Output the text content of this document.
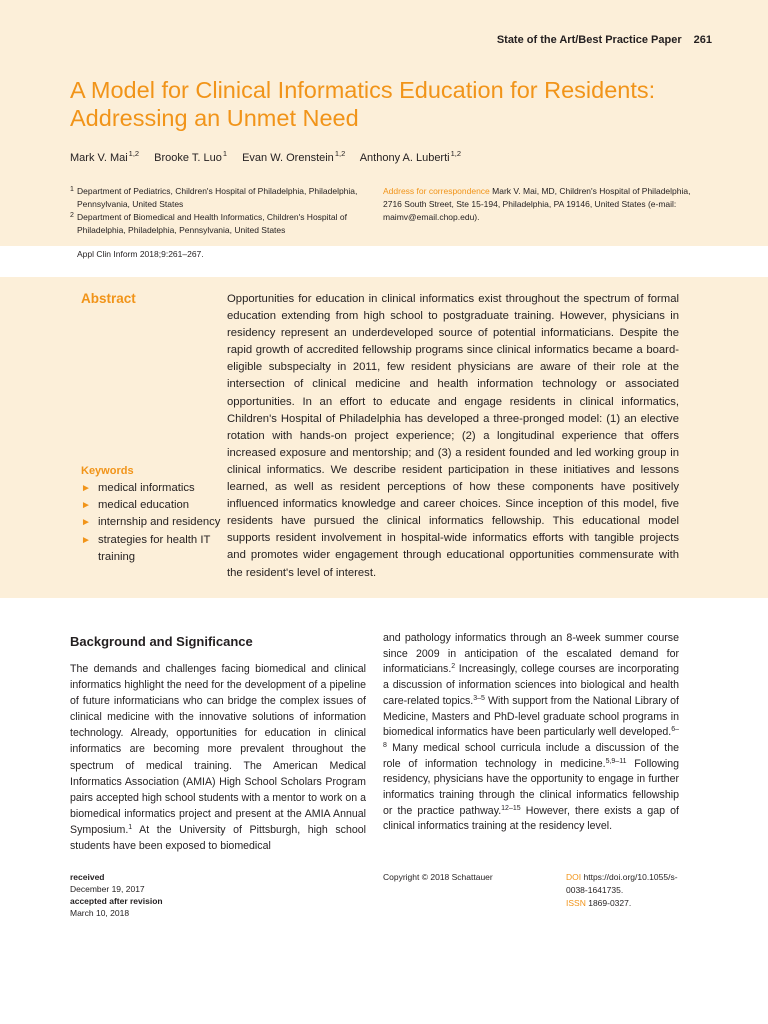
State of the Art/Best Practice Paper 261
A Model for Clinical Informatics Education for Residents: Addressing an Unmet Need
Mark V. Mai$^{1,2}$ Brooke T. Luo$^1$ Evan W. Orenstein$^{1,2}$ Anthony A. Luberti$^{1,2}$
1 Department of Pediatrics, Children's Hospital of Philadelphia, Philadelphia, Pennsylvania, United States
2 Department of Biomedical and Health Informatics, Children's Hospital of Philadelphia, Philadelphia, Pennsylvania, United States
Address for correspondence Mark V. Mai, MD, Children's Hospital of Philadelphia, 2716 South Street, Ste 15-194, Philadelphia, PA 19146, United States (e-mail: maimv@email.chop.edu).
Appl Clin Inform 2018;9:261–267.
Abstract	Opportunities for education in clinical informatics exist throughout the spectrum of formal education extending from high school to postgraduate training. However, physicians in residency represent an underdeveloped source of potential informaticians. Despite the rapid growth of accredited fellowship programs since clinical informatics became a board-eligible subspecialty in 2011, few resident physicians are aware of their role at the intersection of clinical medicine and health information technology or associated opportunities. In an effort to educate and engage residents in clinical informatics, Children's Hospital of Philadelphia has developed a three-pronged model: (1) an elective rotation with hands-on project experience; (2) a longitudinal experience that offers increased exposure and mentorship; and (3) a resident founded and led working group in clinical informatics. We describe resident participation in these initiatives and lessons learned, as well as resident perceptions of how these components have positively influenced informatics knowledge and career choices. Since inception of this model, five residents have pursued the clinical informatics fellowship. This educational model supports resident involvement in hospital-wide informatics efforts with tangible projects and promotes wider engagement through educational opportunities commensurate with the resident's level of interest.

Keywords
► medical informatics
► medical education
► internship and residency
► strategies for health IT training
Background and Significance

The demands and challenges facing biomedical and clinical informatics highlight the need for the development of a pipeline of future informaticians who can bridge the complex issues of clinical medicine with the innovative solutions of information technology. Already, opportunities for education in clinical informatics are becoming more prevalent throughout the spectrum of medical training. The American Medical Informatics Association (AMIA) High School Scholars Program pairs accepted high school students with a mentor to work on a biomedical informatics project and present at the AMIA Annual Symposium.$^1$ At the University of Pittsburgh, high school students have been exposed to biomedical

and pathology informatics through an 8-week summer course since 2009 in anticipation of the escalated demand for informaticians.$^2$ Increasingly, college courses are incorporating a discussion of information sciences into biological and health care-related topics.$^{3-5}$ With support from the National Library of Medicine, Masters and PhD-level graduate school programs in biomedical informatics have been particularly well developed.$^{6-8}$ Many medical school curricula include a discussion of the role of information technology in medicine.$^{5,9-11}$ Following residency, physicians have the opportunity to engage in further informatics training through the clinical informatics fellowship or the practice pathway.$^{12-15}$ However, there exists a gap of clinical informatics training at the residency level.

received
December 19, 2017
accepted after revision
March 10, 2018
Copyright © 2018 Schattauer	DOI https://doi.org/10.1055/s-0038-1641735.
ISSN 1869-0327.
